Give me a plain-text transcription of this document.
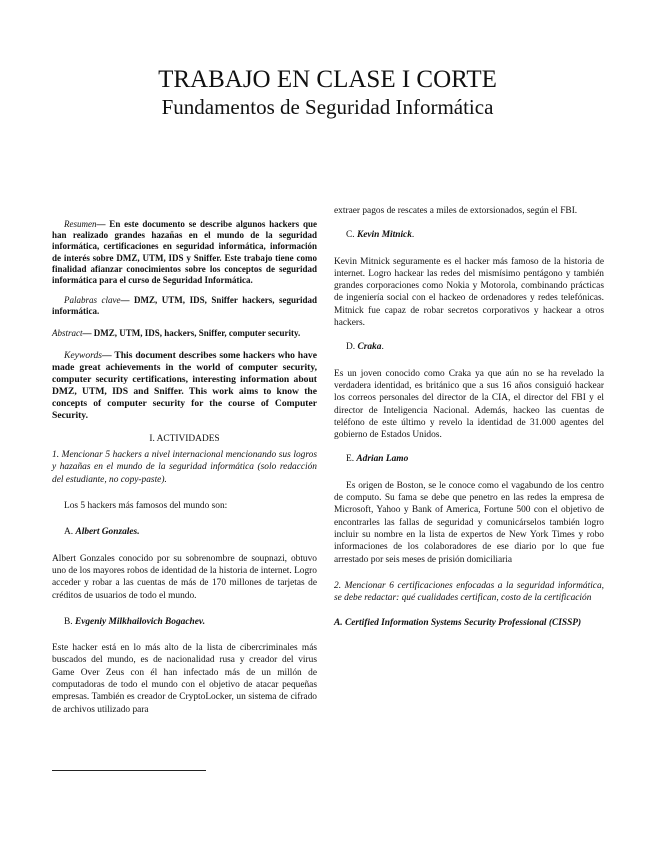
TRABAJO EN CLASE I CORTE
Fundamentos de Seguridad Informática

Resumen— En este documento se describe algunos hackers que han realizado grandes hazañas en el mundo de la seguridad informática, certificaciones en seguridad informática, información de interés sobre DMZ, UTM, IDS y Sniffer. Este trabajo tiene como finalidad afianzar conocimientos sobre los conceptos de seguridad informática para el curso de Seguridad Informática.

Palabras clave— DMZ, UTM, IDS, Sniffer hackers, seguridad informática.

Abstract— DMZ, UTM, IDS, hackers, Sniffer, computer security.

Keywords— This document describes some hackers who have made great achievements in the world of computer security, computer security certifications, interesting information about DMZ, UTM, IDS and Sniffer. This work aims to know the concepts of computer security for the course of Computer Security.

I. ACTIVIDADES

1. Mencionar 5 hackers a nivel internacional mencionando sus logros y hazañas en el mundo de la seguridad informática (solo redacción del estudiante, no copy-paste).

Los 5 hackers más famosos del mundo son:

A. Albert Gonzales.

Albert Gonzales conocido por su sobrenombre de soupnazi, obtuvo uno de los mayores robos de identidad de la historia de internet. Logro acceder y robar a las cuentas de más de 170 millones de tarjetas de créditos de usuarios de todo el mundo.

B. Evgeniy Milkhailovich Bogachev.

Este hacker está en lo más alto de la lista de cibercriminales más buscados del mundo, es de nacionalidad rusa y creador del virus Game Over Zeus con él han infectado más de un millón de computadoras de todo el mundo con el objetivo de atacar pequeñas empresas. También es creador de CryptoLocker, un sistema de cifrado de archivos utilizado para

extraer pagos de rescates a miles de extorsionados, según el FBI.

C. Kevin Mitnick.

Kevin Mitnick seguramente es el hacker más famoso de la historia de internet. Logro hackear las redes del mismísimo pentágono y también grandes corporaciones como Nokia y Motorola, combinando prácticas de ingeniería social con el hackeo de ordenadores y redes telefónicas. Mitnick fue capaz de robar secretos corporativos y hackear a otros hackers.

D. Craka.

Es un joven conocido como Craka ya que aún no se ha revelado la verdadera identidad, es británico que a sus 16 años consiguió hackear los correos personales del director de la CIA, el director del FBI y el director de Inteligencia Nacional. Además, hackeo las cuentas de teléfono de este último y revelo la identidad de 31.000 agentes del gobierno de Estados Unidos.

E. Adrian Lamo

Es origen de Boston, se le conoce como el vagabundo de los centro de computo. Su fama se debe que penetro en las redes la empresa de Microsoft, Yahoo y Bank of America, Fortune 500 con el objetivo de encontrarles las fallas de seguridad y comunicárselos también logro incluir su nombre en la lista de expertos de New York Times y robo informaciones de los colaboradores de ese diario por lo que fue arrestado por seis meses de prisión domiciliaria

2. Mencionar 6 certificaciones enfocadas a la seguridad informática, se debe redactar: qué cualidades certifican, costo de la certificación

A. Certified Information Systems Security Professional (CISSP)
